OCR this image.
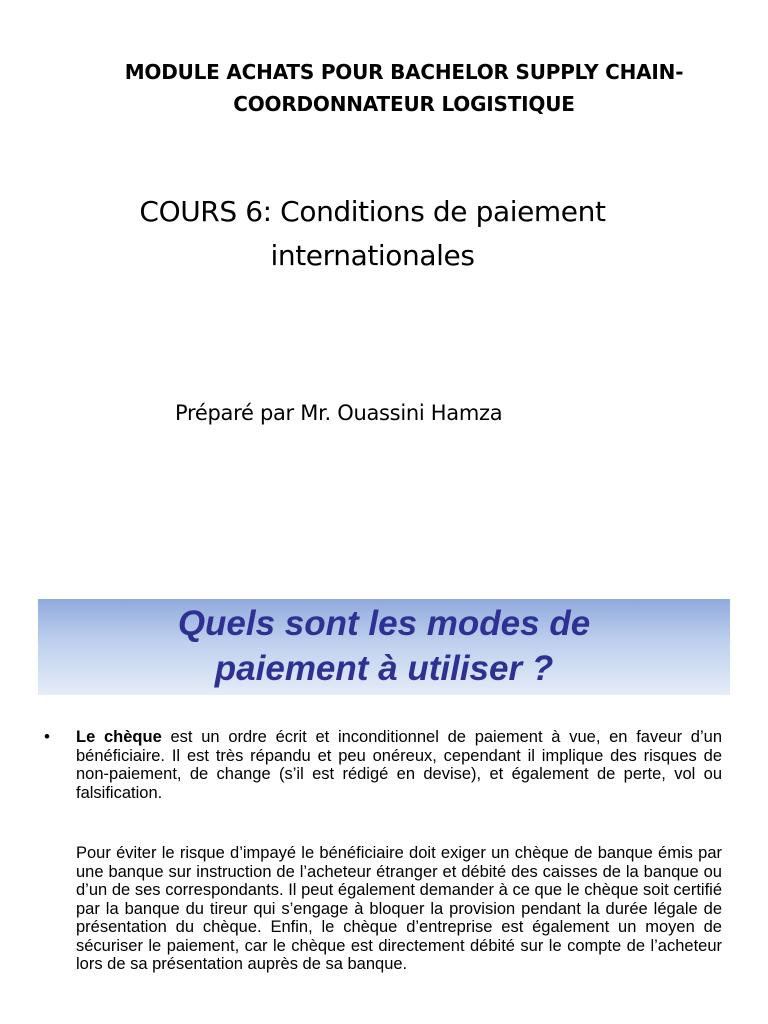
MODULE ACHATS POUR BACHELOR SUPPLY CHAIN-
COORDONNATEUR LOGISTIQUE
COURS 6: Conditions de paiement
internationales
Préparé par Mr. Ouassini Hamza
Quels sont les modes de
paiement à utiliser ?
• Le chèque est un ordre écrit et inconditionnel de paiement à vue, en faveur d’un bénéficiaire. Il est très répandu et peu onéreux, cependant il implique des risques de non-paiement, de change (s’il est rédigé en devise), et également de perte, vol ou falsification.
Pour éviter le risque d’impayé le bénéficiaire doit exiger un chèque de banque émis par une banque sur instruction de l’acheteur étranger et débité des caisses de la banque ou d’un de ses correspondants. Il peut également demander à ce que le chèque soit certifié par la banque du tireur qui s’engage à bloquer la provision pendant la durée légale de présentation du chèque. Enfin, le chèque d’entreprise est également un moyen de sécuriser le paiement, car le chèque est directement débité sur le compte de l’acheteur lors de sa présentation auprès de sa banque.
